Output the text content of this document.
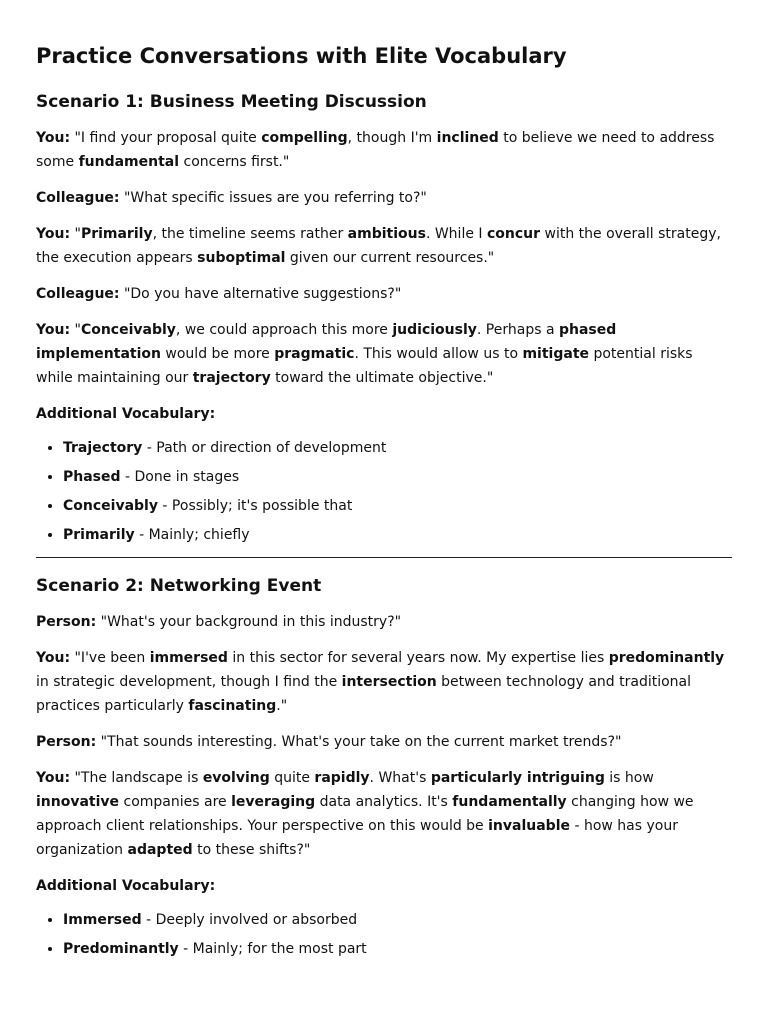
Practice Conversations with Elite Vocabulary
Scenario 1: Business Meeting Discussion

You: "I find your proposal quite compelling, though I'm inclined to believe we need to address some fundamental concerns first."

Colleague: "What specific issues are you referring to?"

You: "Primarily, the timeline seems rather ambitious. While I concur with the overall strategy, the execution appears suboptimal given our current resources."

Colleague: "Do you have alternative suggestions?"

You: "Conceivably, we could approach this more judiciously. Perhaps a phased implementation would be more pragmatic. This would allow us to mitigate potential risks while maintaining our trajectory toward the ultimate objective."

Additional Vocabulary:

• Trajectory - Path or direction of development
• Phased - Done in stages
• Conceivably - Possibly; it's possible that
• Primarily - Mainly; chiefly
Scenario 2: Networking Event

Person: "What's your background in this industry?"

You: "I've been immersed in this sector for several years now. My expertise lies predominantly in strategic development, though I find the intersection between technology and traditional practices particularly fascinating."

Person: "That sounds interesting. What's your take on the current market trends?"

You: "The landscape is evolving quite rapidly. What's particularly intriguing is how innovative companies are leveraging data analytics. It's fundamentally changing how we approach client relationships. Your perspective on this would be invaluable - how has your organization adapted to these shifts?"

Additional Vocabulary:

• Immersed - Deeply involved or absorbed
• Predominantly - Mainly; for the most part
